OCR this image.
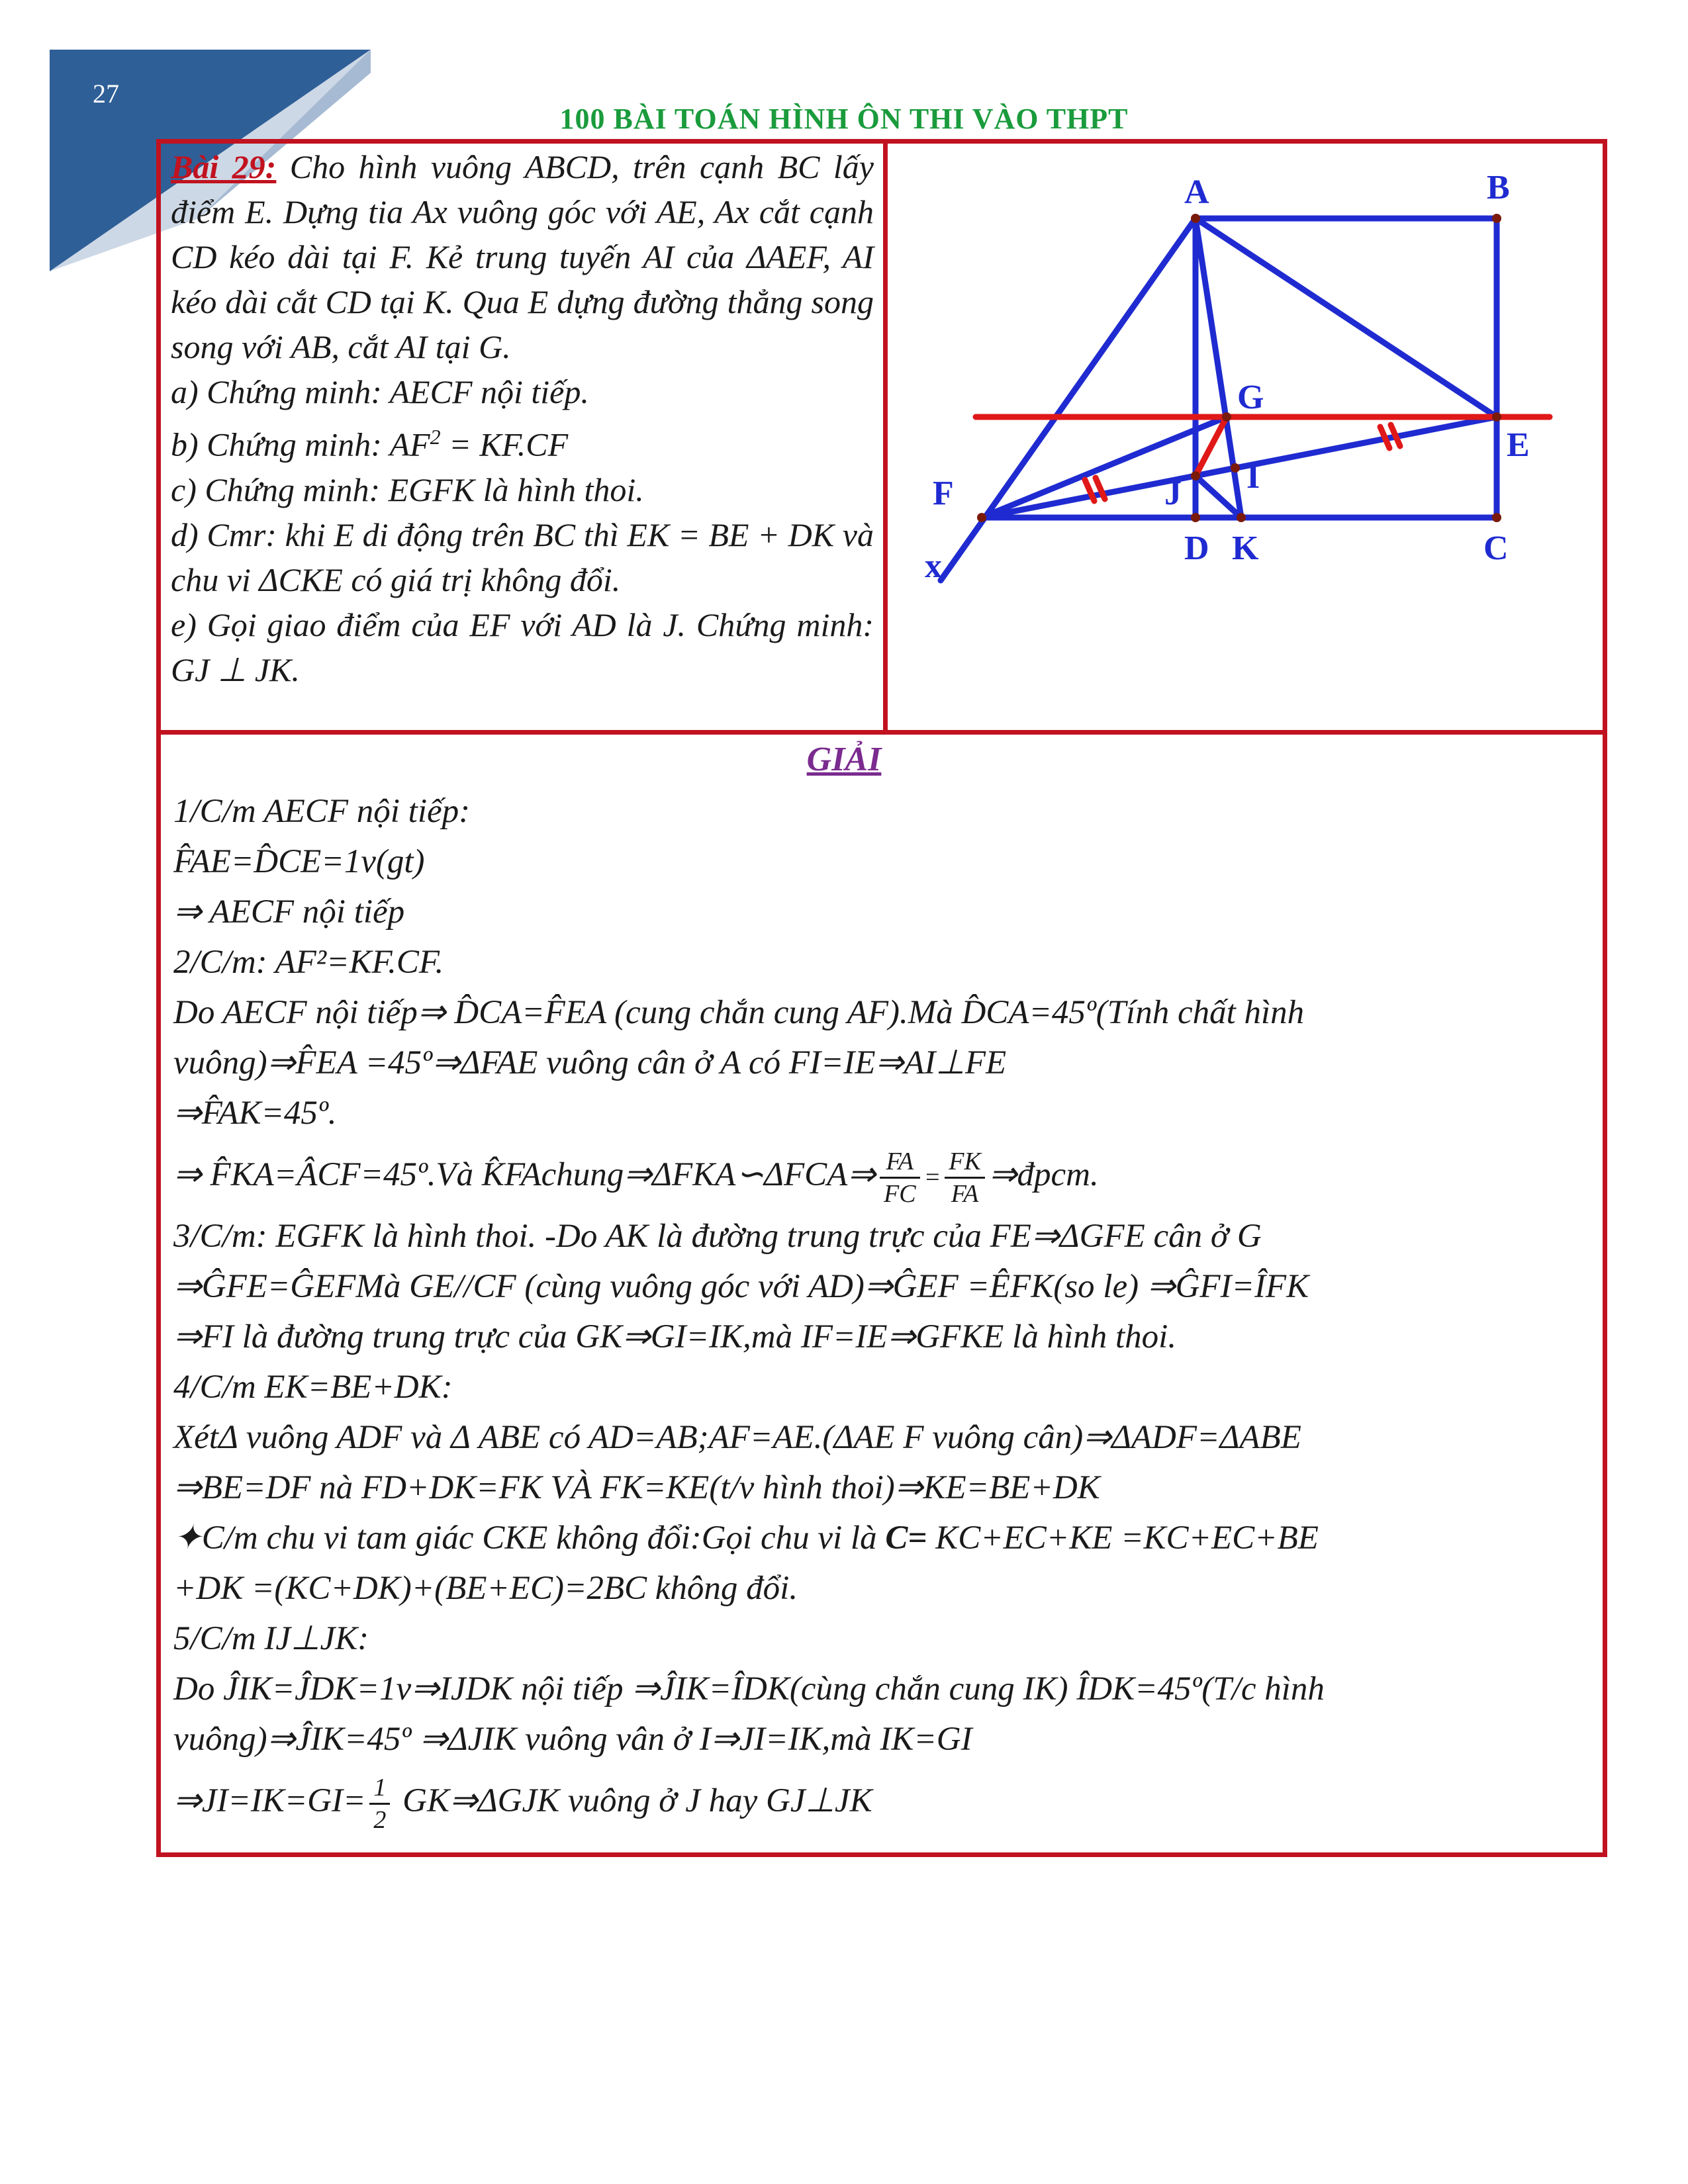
27
100 BÀI TOÁN HÌNH ÔN THI VÀO THPT

Bài 29: Cho hình vuông ABCD, trên cạnh BC lấy điểm E. Dựng tia Ax vuông góc với AE, Ax cắt cạnh CD kéo dài tại F. Kẻ trung tuyến AI của ΔAEF, AI kéo dài cắt CD tại K. Qua E dựng đường thẳng song song với AB, cắt AI tại G.

a) Chứng minh: AECF nội tiếp.

b) Chứng minh: $AF^2 = KF.CF$

c) Chứng minh: EGFK là hình thoi.

d) Cmr: khi E di động trên BC thì EK = BE + DK và chu vi ΔCKE có giá trị không đổi.

e) Gọi giao điểm của EF với AD là J. Chứng minh: GJ ⊥ JK.

A	B
C
D
E
F
G
I
J
K
x
GIẢI
1/C/m AECF nội tiếp:
F̂AE=D̂CE=1v(gt)
⇒ AECF nội tiếp
2/C/m: AF²=KF.CF.
Do AECF nội tiếp⇒ D̂CA=F̂EA (cung chắn cung AF).Mà D̂CA=45º(Tính chất hình
vuông)⇒F̂EA =45º⇒ΔFAE vuông cân ở A có FI=IE⇒AI⊥FE
⇒F̂AK=45º.
⇒ F̂KA=ÂCF=45º.Và K̂FAchung⇒ΔFKA∽ΔFCA⇒ $\frac{FA}{FC} = \frac{FK}{FA}$ ⇒đpcm.
3/C/m: EGFK là hình thoi. -Do AK là đường trung trực của FE⇒ΔGFE cân ở G
⇒ĜFE=ĜEFMà GE//CF (cùng vuông góc với AD)⇒ĜEF =ÊFK(so le) ⇒ĜFI=ÎFK
⇒FI là đường trung trực của GK⇒GI=IK,mà IF=IE⇒GFKE là hình thoi.
4/C/m EK=BE+DK:
XétΔ vuông ADF và Δ ABE có AD=AB;AF=AE.(ΔAE F vuông cân)⇒ΔADF=ΔABE
⇒BE=DF nà FD+DK=FK VÀ FK=KE(t/v hình thoi)⇒KE=BE+DK
✦C/m chu vi tam giác CKE không đổi:Gọi chu vi là C= KC+EC+KE =KC+EC+BE
+DK =(KC+DK)+(BE+EC)=2BC không đổi.
5/C/m IJ⊥JK:
Do ĴIK=ĴDK=1v⇒IJDK nội tiếp ⇒ĴIK=ÎDK(cùng chắn cung IK) ÎDK=45º(T/c hình
vuông)⇒ĴIK=45º ⇒ΔJIK vuông vân ở I⇒JI=IK,mà IK=GI
⇒JI=IK=GI= $\frac{1}{2}$ GK⇒ΔGJK vuông ở J hay GJ⊥JK
